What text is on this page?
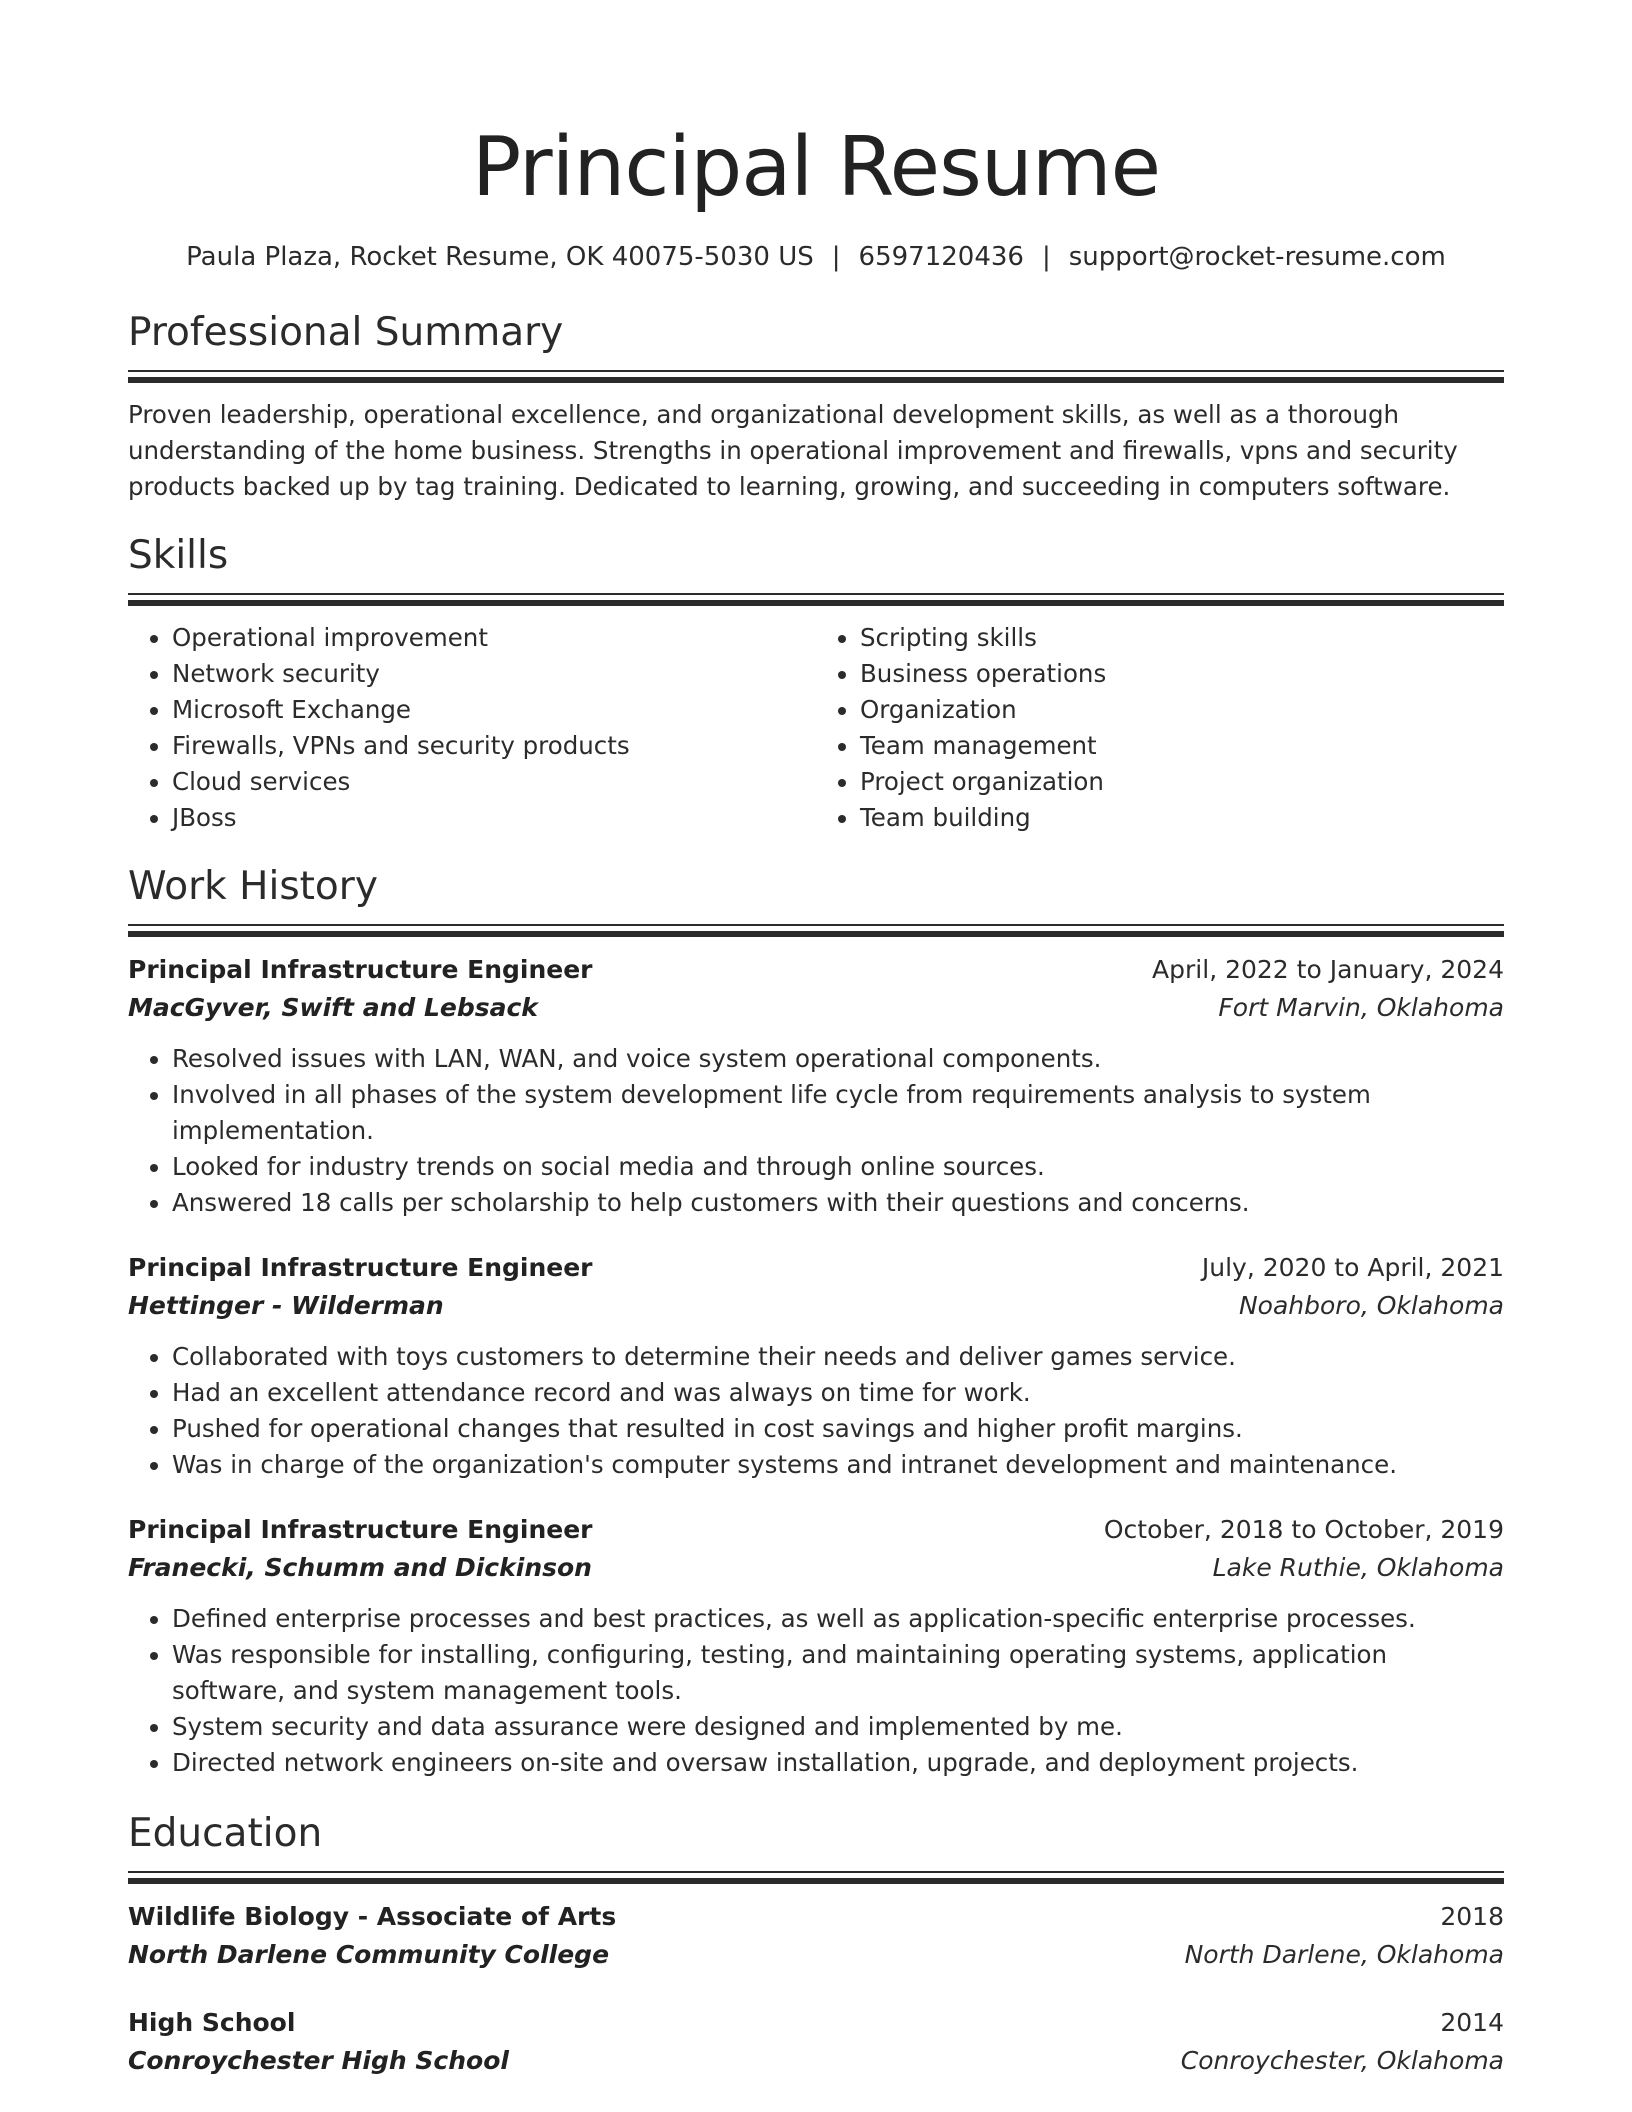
Principal Resume
Paula Plaza, Rocket Resume, OK 40075-5030 US | 6597120436 | support@rocket-resume.com
Professional Summary

Proven leadership, operational excellence, and organizational development skills, as well as a thorough understanding of the home business. Strengths in operational improvement and firewalls, vpns and security products backed up by tag training. Dedicated to learning, growing, and succeeding in computers software.

Skills
• Operational improvement
• Network security
• Microsoft Exchange
• Firewalls, VPNs and security products
• Cloud services
• JBoss
• Scripting skills
• Business operations
• Organization
• Team management
• Project organization
• Team building
Work History
Principal Infrastructure Engineer	April, 2022 to January, 2024
MacGyver, Swift and Lebsack	Fort Marvin, Oklahoma
• Resolved issues with LAN, WAN, and voice system operational components.
• Involved in all phases of the system development life cycle from requirements analysis to system implementation.
• Looked for industry trends on social media and through online sources.
• Answered 18 calls per scholarship to help customers with their questions and concerns.
Principal Infrastructure Engineer	July, 2020 to April, 2021
Hettinger - Wilderman	Noahboro, Oklahoma
• Collaborated with toys customers to determine their needs and deliver games service.
• Had an excellent attendance record and was always on time for work.
• Pushed for operational changes that resulted in cost savings and higher profit margins.
• Was in charge of the organization's computer systems and intranet development and maintenance.
Principal Infrastructure Engineer	October, 2018 to October, 2019
Franecki, Schumm and Dickinson	Lake Ruthie, Oklahoma
• Defined enterprise processes and best practices, as well as application-specific enterprise processes.
• Was responsible for installing, configuring, testing, and maintaining operating systems, application software, and system management tools.
• System security and data assurance were designed and implemented by me.
• Directed network engineers on-site and oversaw installation, upgrade, and deployment projects.
Education
Wildlife Biology - Associate of Arts	2018
North Darlene Community College	North Darlene, Oklahoma
High School	2014
Conroychester High School	Conroychester, Oklahoma
